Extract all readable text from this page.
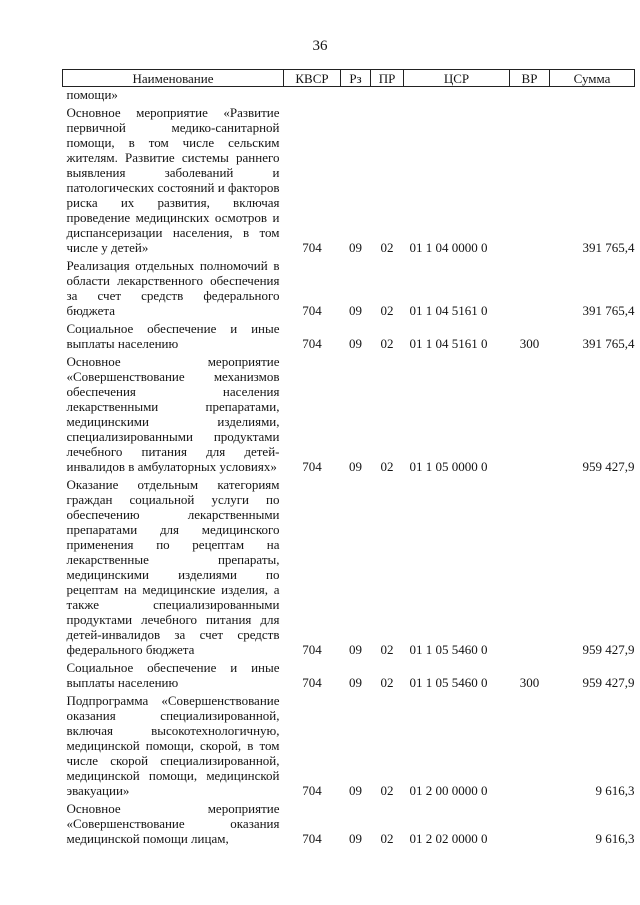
36
Наименование	КВСР	Рз	ПР	ЦСР	ВР	Сумма
помощи»						
Основное мероприятие «Развитие первичной медико-санитарной помощи, в том числе сельским жителям. Развитие системы раннего выявления заболеваний и патологических состояний и факторов риска их развития, включая проведение медицинских осмотров и диспансеризации населения, в том числе у детей»	704	09	02	01 1 04 0000 0		391 765,4
Реализация отдельных полномочий в области лекарственного обеспечения за счет средств федерального бюджета	704	09	02	01 1 04 5161 0		391 765,4
Социальное обеспечение и иные выплаты населению	704	09	02	01 1 04 5161 0	300	391 765,4
Основное мероприятие «Совершенствование механизмов обеспечения населения лекарственными препаратами, медицинскими изделиями, специализированными продуктами лечебного питания для детей-инвалидов в амбулаторных условиях»	704	09	02	01 1 05 0000 0		959 427,9
Оказание отдельным категориям граждан социальной услуги по обеспечению лекарственными препаратами для медицинского применения по рецептам на лекарственные препараты, медицинскими изделиями по рецептам на медицинские изделия, а также специализированными продуктами лечебного питания для детей-инвалидов за счет средств федерального бюджета	704	09	02	01 1 05 5460 0		959 427,9
Социальное обеспечение и иные выплаты населению	704	09	02	01 1 05 5460 0	300	959 427,9
Подпрограмма «Совершенствование оказания специализированной, включая высокотехнологичную, медицинской помощи, скорой, в том числе скорой специализированной, медицинской помощи, медицинской эвакуации»	704	09	02	01 2 00 0000 0		9 616,3
Основное мероприятие «Совершенствование оказания медицинской помощи лицам,	704	09	02	01 2 02 0000 0		9 616,3
